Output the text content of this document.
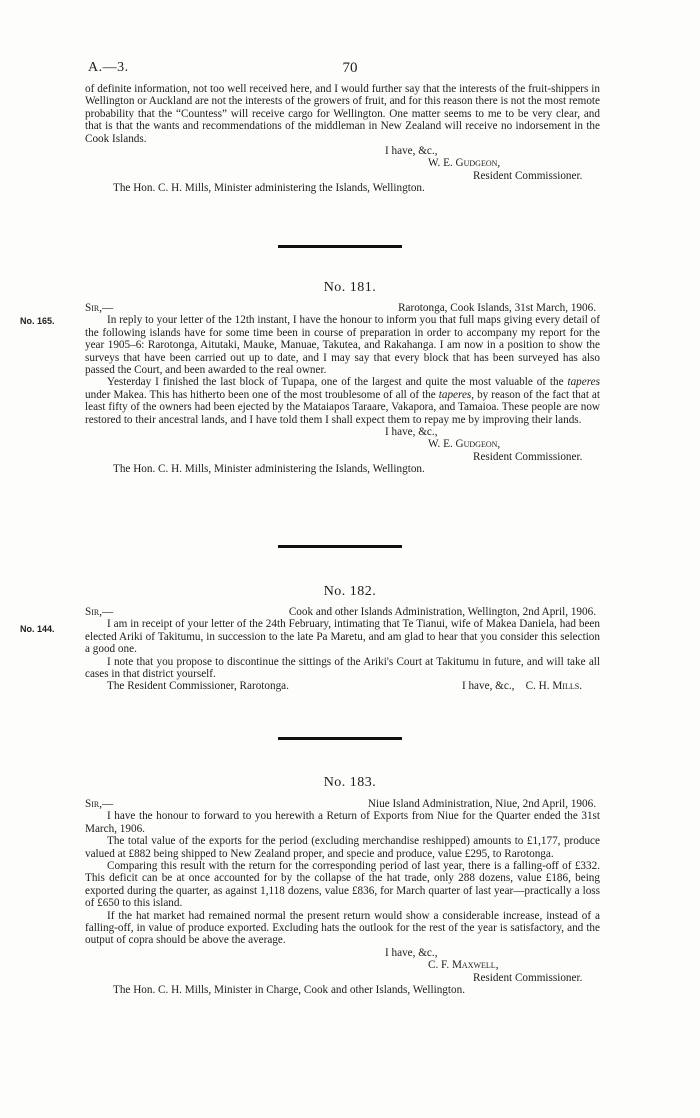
A.—3.	70

of definite information, not too well received here, and I would further say that the interests of the fruit-shippers in Wellington or Auckland are not the interests of the growers of fruit, and for this reason there is not the most remote probability that the “Countess” will receive cargo for Wellington. One matter seems to me to be very clear, and that is that the wants and recommendations of the middleman in New Zealand will receive no indorsement in the Cook Islands.

I have, &c.,

W. E. Gudgeon,

Resident Commissioner.

The Hon. C. H. Mills, Minister administering the Islands, Wellington.

No. 181.
No. 165.
Sir,—	Rarotonga, Cook Islands, 31st March, 1906.

In reply to your letter of the 12th instant, I have the honour to inform you that full maps giving every detail of the following islands have for some time been in course of preparation in order to accompany my report for the year 1905–6: Rarotonga, Aitutaki, Mauke, Manuae, Takutea, and Rakahanga. I am now in a position to show the surveys that have been carried out up to date, and I may say that every block that has been surveyed has also passed the Court, and been awarded to the real owner.

Yesterday I finished the last block of Tupapa, one of the largest and quite the most valuable of the taperes under Makea. This has hitherto been one of the most troublesome of all of the taperes, by reason of the fact that at least fifty of the owners had been ejected by the Mataiapos Taraare, Vakapora, and Tamaioa. These people are now restored to their ancestral lands, and I have told them I shall expect them to repay me by improving their lands.

I have, &c.,

W. E. Gudgeon,

Resident Commissioner.

The Hon. C. H. Mills, Minister administering the Islands, Wellington.

No. 182.
No. 144.
Sir,—	Cook and other Islands Administration, Wellington, 2nd April, 1906.

I am in receipt of your letter of the 24th February, intimating that Te Tianui, wife of Makea Daniela, had been elected Ariki of Takitumu, in succession to the late Pa Maretu, and am glad to hear that you consider this selection a good one.

I note that you propose to discontinue the sittings of the Ariki's Court at Takitumu in future, and will take all cases in that district yourself.

The Resident Commissioner, Rarotonga.	I have, &c., C. H. Mills.
No. 183.
Sir,—	Niue Island Administration, Niue, 2nd April, 1906.

I have the honour to forward to you herewith a Return of Exports from Niue for the Quarter ended the 31st March, 1906.

The total value of the exports for the period (excluding merchandise reshipped) amounts to £1,177, produce valued at £882 being shipped to New Zealand proper, and specie and produce, value £295, to Rarotonga.

Comparing this result with the return for the corresponding period of last year, there is a falling-off of £332. This deficit can be at once accounted for by the collapse of the hat trade, only 288 dozens, value £186, being exported during the quarter, as against 1,118 dozens, value £836, for March quarter of last year—practically a loss of £650 to this island.

If the hat market had remained normal the present return would show a considerable increase, instead of a falling-off, in value of produce exported. Excluding hats the outlook for the rest of the year is satisfactory, and the output of copra should be above the average.

I have, &c.,

C. F. Maxwell,

Resident Commissioner.

The Hon. C. H. Mills, Minister in Charge, Cook and other Islands, Wellington.
